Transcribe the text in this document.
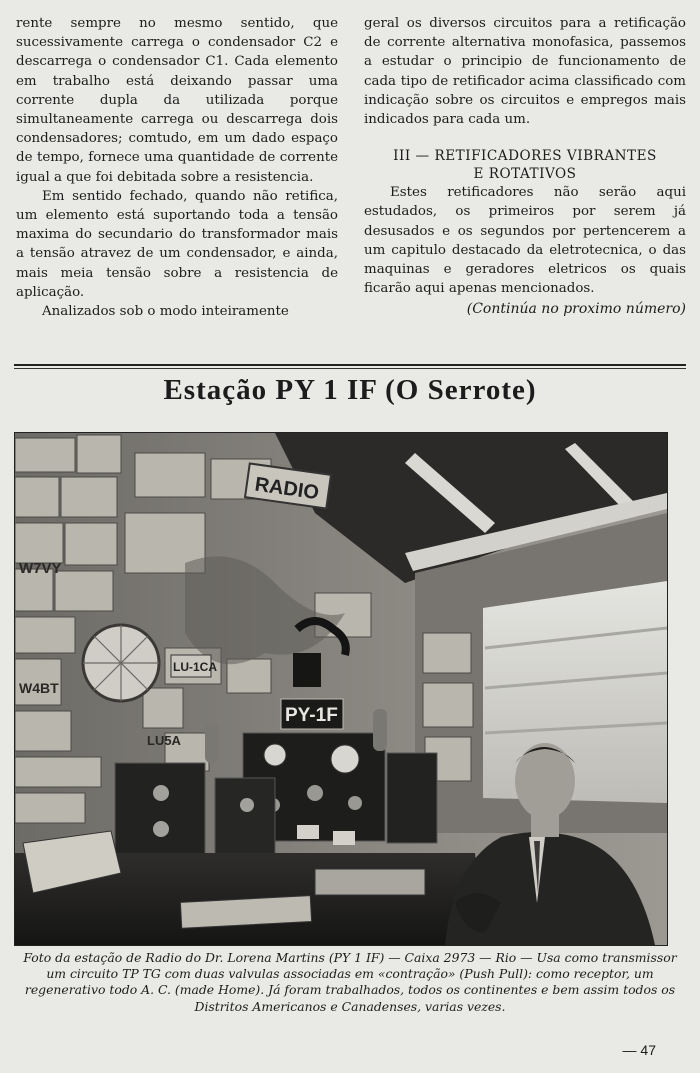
rente sempre no mesmo sentido, que sucessivamente carrega o condensador C2 e descarrega o condensador C1. Cada elemento em trabalho está deixando passar uma corrente dupla da utilizada porque simultaneamente carrega ou descarrega dois condensadores; comtudo, em um dado espaço de tempo, fornece uma quantidade de corrente igual a que foi debitada sobre a resistencia.

Em sentido fechado, quando não retifica, um elemento está suportando toda a tensão maxima do secundario do transformador mais a tensão atravez de um condensador, e ainda, mais meia tensão sobre a resistencia de aplicação.

Analizados sob o modo inteiramente

geral os diversos circuitos para a retificação de corrente alternativa monofasica, passemos a estudar o principio de funcionamento de cada tipo de retificador acima classificado com indicação sobre os circuitos e empregos mais indicados para cada um.

III — RETIFICADORES VIBRANTES
E ROTATIVOS

Estes retificadores não serão aqui estudados, os primeiros por serem já desusados e os segundos por pertencerem a um capitulo destacado da eletrotecnica, o das maquinas e geradores eletricos os quais ficarão aqui apenas mencionados.

(Continúa no proximo número)
Estação PY 1 IF (O Serrote)
W7VY
W4BT
LU5A
RADIO
LU-1CA
PY-1F
Foto da estação de Radio do Dr. Lorena Martins (PY 1 IF) — Caixa 2973 — Rio — Usa como transmissor um circuito TP TG com duas valvulas associadas em «contração» (Push Pull): como receptor, um regenerativo todo A. C. (made Home). Já foram trabalhados, todos os continentes e bem assim todos os Distritos Americanos e Canadenses, varias vezes.
— 47
